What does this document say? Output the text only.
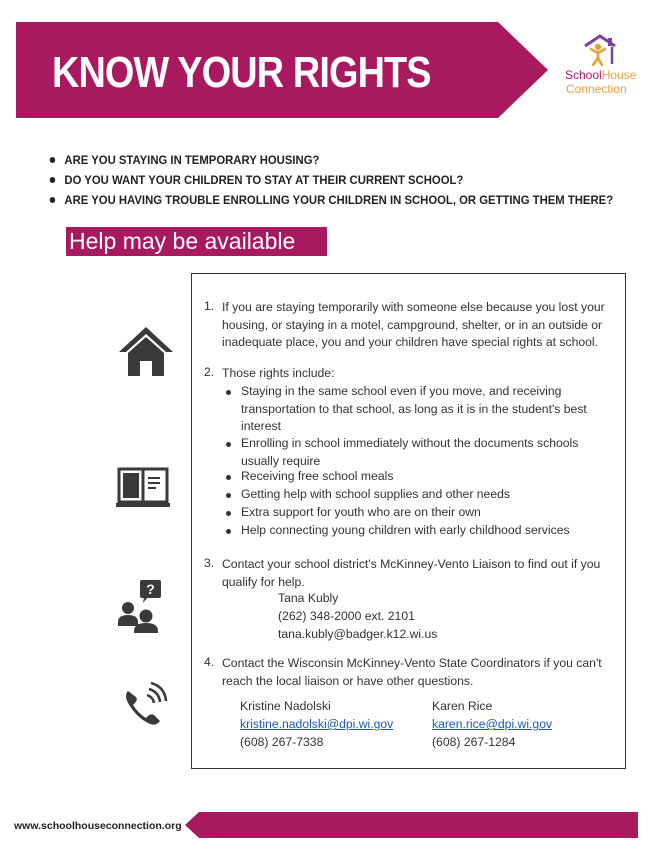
KNOW YOUR RIGHTS	SchoolHouse
Connection
ARE YOU STAYING IN TEMPORARY HOUSING?
DO YOU WANT YOUR CHILDREN TO STAY AT THEIR CURRENT SCHOOL?
ARE YOU HAVING TROUBLE ENROLLING YOUR CHILDREN IN SCHOOL, OR GETTING THEM THERE?
Help may be available
?
1. If you are staying temporarily with someone else because you lost your
housing, or staying in a motel, campground, shelter, or in an outside or
inadequate place, you and your children have special rights at school.
2. Those rights include:
Staying in the same school even if you move, and receiving
transportation to that school, as long as it is in the student's best
interest
Enrolling in school immediately without the documents schools
usually require
Receiving free school meals
Getting help with school supplies and other needs
Extra support for youth who are on their own
Help connecting young children with early childhood services
3. Contact your school district's McKinney-Vento Liaison to find out if you
qualify for help.
Tana Kubly
(262) 348-2000 ext. 2101
tana.kubly@badger.k12.wi.us
4. Contact the Wisconsin McKinney-Vento State Coordinators if you can't
reach the local liaison or have other questions.
Kristine Nadolski
kristine.nadolski@dpi.wi.gov
(608) 267-7338
Karen Rice
karen.rice@dpi.wi.gov
(608) 267-1284
www.schoolhouseconnection.org
